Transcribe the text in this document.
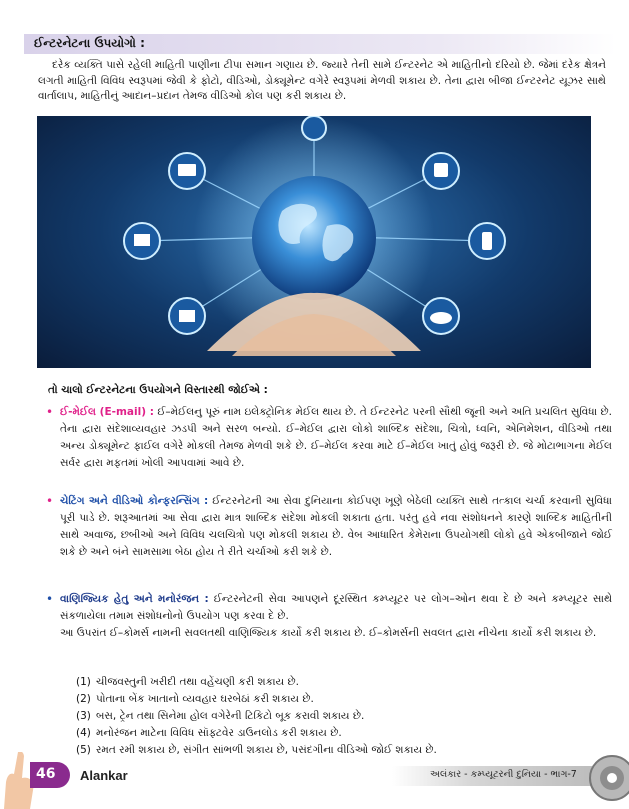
ઈન્ટરનેટના ઉપયોગો :
દરેક વ્યક્તિ પાસે રહેલી માહિતી પાણીના ટીપા સમાન ગણાય છે. જ્યારે તેની સામે ઈન્ટરનેટ એ માહિતીનો દરિયો છે. જેમાં દરેક ક્ષેત્રને લગતી માહિતી વિવિધ સ્વરૂપમાં જેવી કે ફોટો, વીડિઓ, ડોક્યૂમેન્ટ વગેરે સ્વરૂપમાં મેળવી શકાય છે. તેના દ્વારા બીજા ઈન્ટરનેટ યૂઝર સાથે વાર્તાલાપ, માહિતીનું આદાન–પ્રદાન તેમજ વીડિઓ કોલ પણ કરી શકાય છે.
તો ચાલો ઈન્ટરનેટના ઉપયોગને વિસ્તારથી જોઈએ :
• ઈ-મેઈલ (E-mail) : ઈ–મેઈલનુ પૂરું નામ ઇલેક્ટ્રોનિક મેઈલ થાય છે. તે ઈન્ટરનેટ પરની સૌથી જૂની અને અતિ પ્રચલિત સુવિધા છે. તેના દ્વારા સંદેશાવ્યવહાર ઝડપી અને સરળ બન્યો. ઈ–મેઈલ દ્વારા લોકો શાબ્દિક સંદેશા, ચિત્રો, ધ્વનિ, એનિમેશન, વીડિઓ તથા અન્ય ડોક્યૂમેન્ટ ફાઈલ વગેરે મોકલી તેમજ મેળવી શકે છે. ઈ–મેઈલ કરવા માટે ઈ–મેઈલ ખાતું હોવું જરૂરી છે. જે મોટાભાગના મેઈલ સર્વર દ્વારા મફતમાં ખોલી આપવામાં આવે છે.
• ચેટિંગ અને વીડિઓ કોન્ફરન્સિંગ : ઈન્ટરનેટની આ સેવા દુનિયાના કોઈપણ ખૂણે બેઠેલી વ્યક્તિ સાથે તત્કાલ ચર્ચા કરવાની સુવિધા પૂરી પાડે છે. શરૂઆતમાં આ સેવા દ્વારા માત્ર શાબ્દિક સંદેશા મોકલી શકાતા હતા. પરંતુ હવે નવા સંશોધનને કારણે શાબ્દિક માહિતીની સાથે અવાજ, છબીઓ અને વિવિધ ચલચિત્રો પણ મોકલી શકાય છે. વેબ આધારિત કેમેરાના ઉપયોગથી લોકો હવે એકબીજાને જોઈ શકે છે અને બંને સામસામા બેઠા હોય તે રીતે ચર્ચાઓ કરી શકે છે.
• વાણિજ્યિક હેતુ અને મનોરંજન : ઈન્ટરનેટની સેવા આપણને દૂરસ્થિત કમ્પ્યૂટર પર લોગ–ઓન થવા દે છે અને કમ્પ્યૂટર સાથે સંકળાયેલા તમામ સંશોધનોનો ઉપયોગ પણ કરવા દે છે.
આ ઉપરાંત ઈ–કોમર્સ નામની સવલતથી વાણિજ્યિક કાર્યો કરી શકાય છે. ઈ–કોમર્સની સવલત દ્વારા નીચેના કાર્યો કરી શકાય છે.
(1) ચીજવસ્તુની ખરીદી તથા વહેંચણી કરી શકાય છે.
(2) પોતાના બેંક ખાતાનો વ્યવહાર ઘરબેઠાં કરી શકાય છે.
(3) બસ, ટ્રેન તથા સિનેમા હોલ વગેરેની ટિકિટો બૂક કરાવી શકાય છે.
(4) મનોરંજન માટેના વિવિધ સૉફ્ટવેર ડાઉનલોડ કરી શકાય છે.
(5) રમત રમી શકાય છે, સંગીત સાંભળી શકાય છે, પસંદગીના વીડિઓ જોઈ શકાય છે.
46 Alankar	અલંકાર - કમ્પ્યૂટરની દુનિયા - ભાગ-7
